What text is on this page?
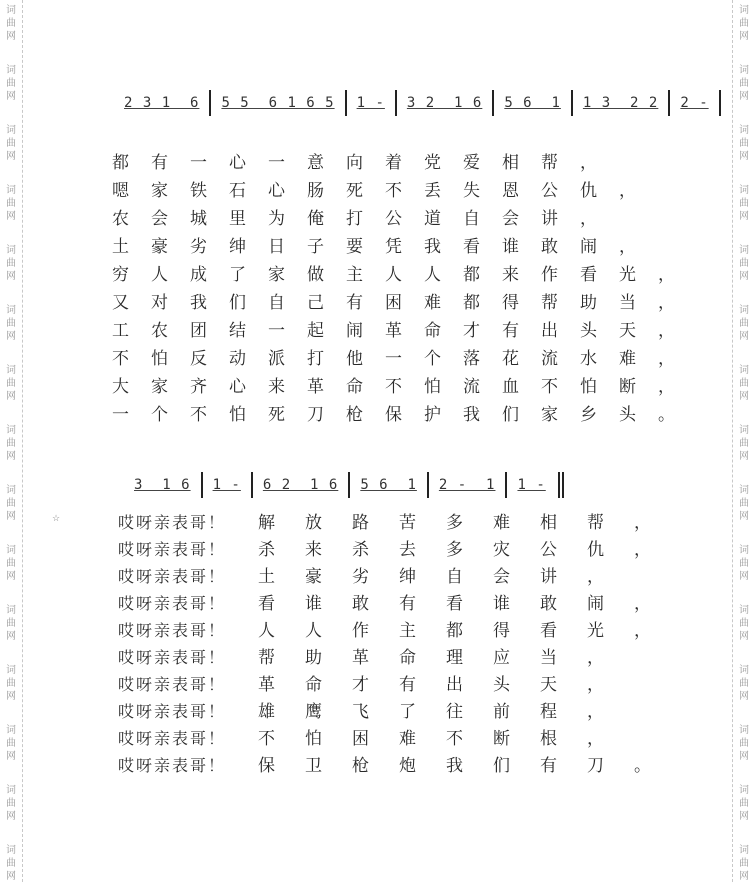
词
曲
网
词
曲
网
词
曲
网
词
曲
网
词
曲
网
词
曲
网
词
曲
网
词
曲
网
词
曲
网
词
曲
网
词
曲
网
词
曲
网
词
曲
网
词
曲
网
词
曲
网
词
曲
网
词
曲
网
词
曲
网
词
曲
网
词
曲
网
词
曲
网
词
曲
网
词
曲
网
词
曲
网
词
曲
网
词
曲
网
词
曲
网
词
曲
网
词
曲
网
词
曲
网
☆
2 3 1  6 5 5  6 1 6 5 1 - 3 2  1 6 5 6  1 1 3  2 2 2 -
都有一心一意向着党爱相帮，
嗯家铁石心肠死不丢失恩公仇，
农会城里为俺打公道自会讲，
土豪劣绅日子要凭我看谁敢闹，
穷人成了家做主人人都来作看光，
又对我们自己有困难都得帮助当，
工农团结一起闹革命才有出头天，
不怕反动派打他一个落花流水难，
大家齐心来革命不怕流血不怕断，
一个不怕死刀枪保护我们家乡头。
3  1 6 1 - 6 2  1 6 5 6  1 2 -  1 1 -
哎呀亲表哥！ 解放路苦多难相帮，
哎呀亲表哥！ 杀来杀去多灾公仇，
哎呀亲表哥！ 土豪劣绅自会讲，
哎呀亲表哥！ 看谁敢有看谁敢闹，
哎呀亲表哥！ 人人作主都得看光，
哎呀亲表哥！ 帮助革命理应当，
哎呀亲表哥！ 革命才有出头天，
哎呀亲表哥！ 雄鹰飞了往前程，
哎呀亲表哥！ 不怕困难不断根，
哎呀亲表哥！ 保卫枪炮我们有刀。
